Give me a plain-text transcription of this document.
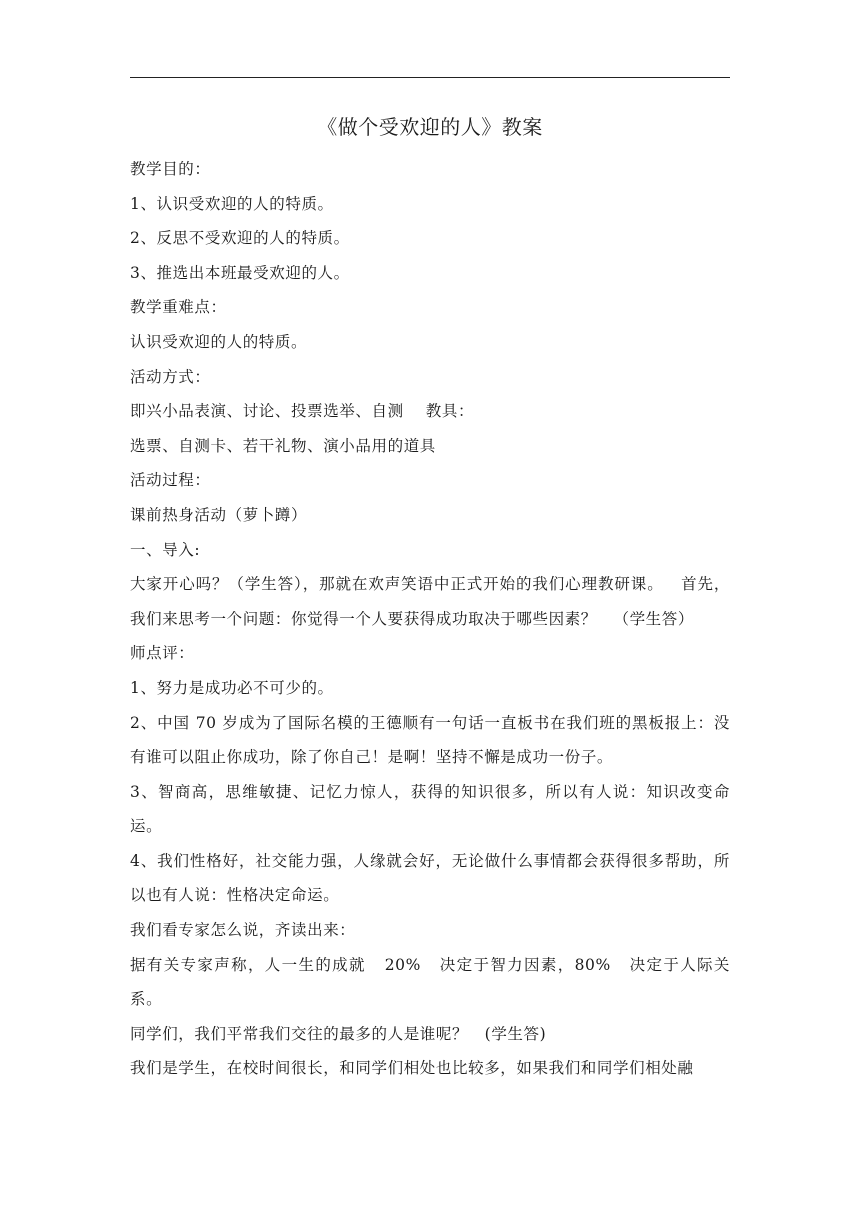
《做个受欢迎的人》教案

教学目的：

1、认识受欢迎的人的特质。

2、反思不受欢迎的人的特质。

3、推选出本班最受欢迎的人。

教学重难点：

认识受欢迎的人的特质。

活动方式：

即兴小品表演、讨论、投票选举、自测    教具：

选票、自测卡、若干礼物、演小品用的道具

活动过程：

课前热身活动（萝卜蹲）

一、导入:

大家开心吗？（学生答），那就在欢声笑语中正式开始的我们心理教研课。   首先，我们来思考一个问题：你觉得一个人要获得成功取决于哪些因素？   （学生答）

师点评：

1、努力是成功必不可少的。

2、中国 70 岁成为了国际名模的王德顺有一句话一直板书在我们班的黑板报上：没有谁可以阻止你成功，除了你自己！是啊！坚持不懈是成功一份子。

3、智商高，思维敏捷、记忆力惊人，获得的知识很多，所以有人说：知识改变命运。

4、我们性格好，社交能力强，人缘就会好，无论做什么事情都会获得很多帮助，所以也有人说：性格决定命运。

我们看专家怎么说，齐读出来：

据有关专家声称，人一生的成就   20%   决定于智力因素，80%   决定于人际关系。

同学们，我们平常我们交往的最多的人是谁呢？   (学生答)

我们是学生，在校时间很长，和同学们相处也比较多，如果我们和同学们相处融
